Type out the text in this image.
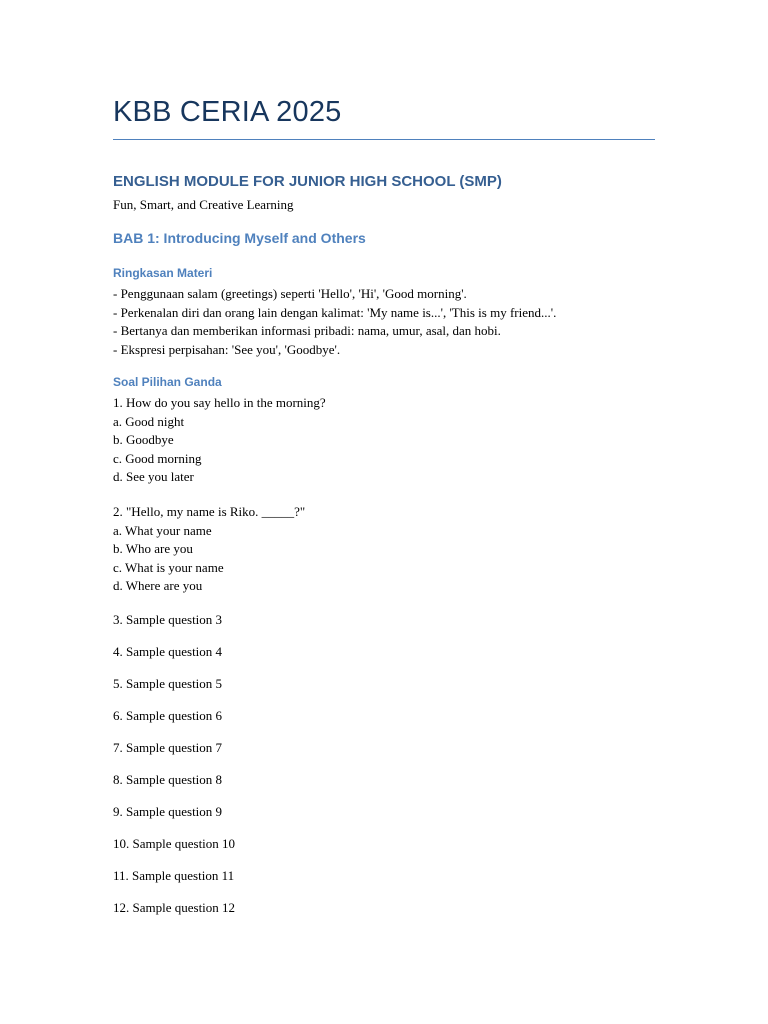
KBB CERIA 2025
ENGLISH MODULE FOR JUNIOR HIGH SCHOOL (SMP)
Fun, Smart, and Creative Learning
BAB 1: Introducing Myself and Others
Ringkasan Materi
- Penggunaan salam (greetings) seperti 'Hello', 'Hi', 'Good morning'.
- Perkenalan diri dan orang lain dengan kalimat: 'My name is...', 'This is my friend...'.
- Bertanya dan memberikan informasi pribadi: nama, umur, asal, dan hobi.
- Ekspresi perpisahan: 'See you', 'Goodbye'.
Soal Pilihan Ganda
1. How do you say hello in the morning?
a. Good night
b. Goodbye
c. Good morning
d. See you later
2. "Hello, my name is Riko. _____?"
a. What your name
b. Who are you
c. What is your name
d. Where are you
3. Sample question 3
4. Sample question 4
5. Sample question 5
6. Sample question 6
7. Sample question 7
8. Sample question 8
9. Sample question 9
10. Sample question 10
11. Sample question 11
12. Sample question 12
